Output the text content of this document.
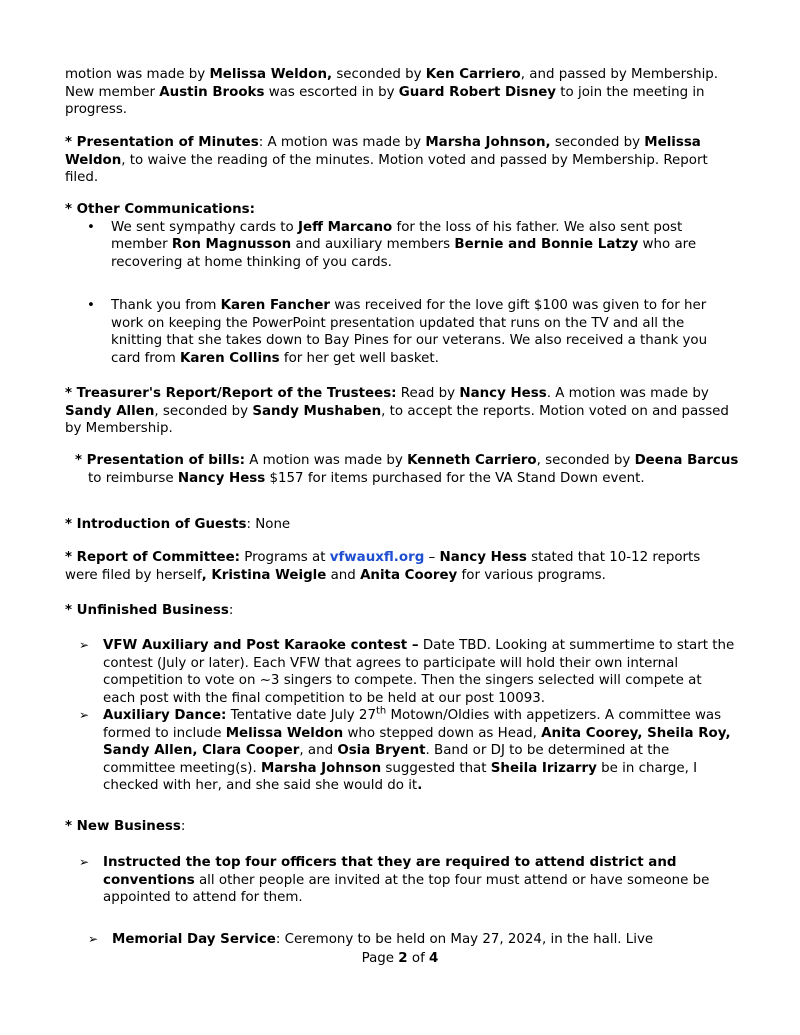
motion was made by Melissa Weldon, seconded by Ken Carriero, and passed by Membership. New member Austin Brooks was escorted in by Guard Robert Disney to join the meeting in progress.
* Presentation of Minutes: A motion was made by Marsha Johnson, seconded by Melissa Weldon, to waive the reading of the minutes. Motion voted and passed by Membership. Report filed.
* Other Communications:
• We sent sympathy cards to Jeff Marcano for the loss of his father. We also sent post member Ron Magnusson and auxiliary members Bernie and Bonnie Latzy who are recovering at home thinking of you cards.
• Thank you from Karen Fancher was received for the love gift $100 was given to for her work on keeping the PowerPoint presentation updated that runs on the TV and all the knitting that she takes down to Bay Pines for our veterans. We also received a thank you card from Karen Collins for her get well basket.
* Treasurer's Report/Report of the Trustees: Read by Nancy Hess. A motion was made by Sandy Allen, seconded by Sandy Mushaben, to accept the reports. Motion voted on and passed by Membership.
* Presentation of bills: A motion was made by Kenneth Carriero, seconded by Deena Barcus to reimburse Nancy Hess $157 for items purchased for the VA Stand Down event.
* Introduction of Guests: None
* Report of Committee: Programs at vfwauxfl.org – Nancy Hess stated that 10-12 reports were filed by herself, Kristina Weigle and Anita Coorey for various programs.
* Unfinished Business:
➢ VFW Auxiliary and Post Karaoke contest – Date TBD. Looking at summertime to start the contest (July or later). Each VFW that agrees to participate will hold their own internal competition to vote on ~3 singers to compete. Then the singers selected will compete at each post with the final competition to be held at our post 10093.
➢ Auxiliary Dance: Tentative date July 27th Motown/Oldies with appetizers. A committee was formed to include Melissa Weldon who stepped down as Head, Anita Coorey, Sheila Roy, Sandy Allen, Clara Cooper, and Osia Bryent. Band or DJ to be determined at the committee meeting(s). Marsha Johnson suggested that Sheila Irizarry be in charge, I checked with her, and she said she would do it.
* New Business:
➢ Instructed the top four officers that they are required to attend district and conventions all other people are invited at the top four must attend or have someone be appointed to attend for them.
➢ Memorial Day Service: Ceremony to be held on May 27, 2024, in the hall. Live
Page 2 of 4
